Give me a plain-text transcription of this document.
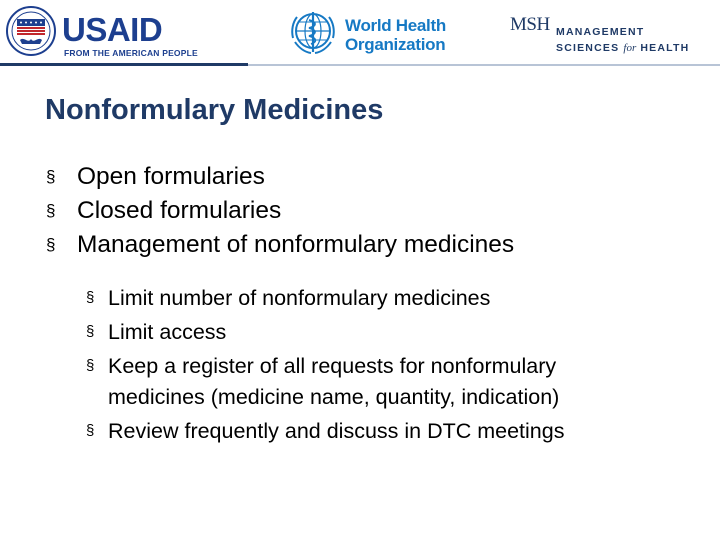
USAID
FROM THE AMERICAN PEOPLE
World Health
Organization
MSH MANAGEMENT
SCIENCES for HEALTH
Nonformulary Medicines
§ Open formularies
§ Closed formularies
§ Management of nonformulary medicines
§ Limit number of nonformulary medicines
§ Limit access
§ Keep a register of all requests for nonformulary
medicines (medicine name, quantity, indication)
§ Review frequently and discuss in DTC meetings
